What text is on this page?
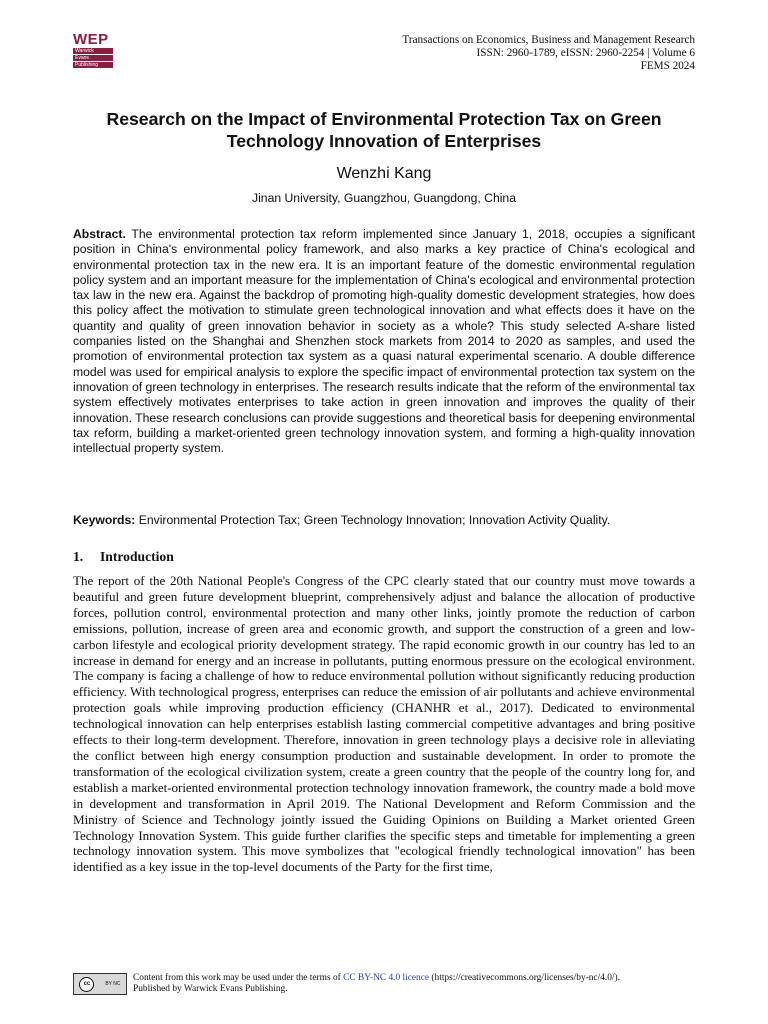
WEP
Warwick
Evans
Publishing
Transactions on Economics, Business and Management Research
ISSN: 2960-1789, eISSN: 2960-2254 | Volume 6
FEMS 2024
Research on the Impact of Environmental Protection Tax on Green Technology Innovation of Enterprises
Wenzhi Kang
Jinan University, Guangzhou, Guangdong, China

Abstract. The environmental protection tax reform implemented since January 1, 2018, occupies a significant position in China's environmental policy framework, and also marks a key practice of China's ecological and environmental protection tax in the new era. It is an important feature of the domestic environmental regulation policy system and an important measure for the implementation of China's ecological and environmental protection tax law in the new era. Against the backdrop of promoting high-quality domestic development strategies, how does this policy affect the motivation to stimulate green technological innovation and what effects does it have on the quantity and quality of green innovation behavior in society as a whole? This study selected A-share listed companies listed on the Shanghai and Shenzhen stock markets from 2014 to 2020 as samples, and used the promotion of environmental protection tax system as a quasi natural experimental scenario. A double difference model was used for empirical analysis to explore the specific impact of environmental protection tax system on the innovation of green technology in enterprises. The research results indicate that the reform of the environmental tax system effectively motivates enterprises to take action in green innovation and improves the quality of their innovation. These research conclusions can provide suggestions and theoretical basis for deepening environmental tax reform, building a market-oriented green technology innovation system, and forming a high-quality innovation intellectual property system.

Keywords: Environmental Protection Tax; Green Technology Innovation; Innovation Activity Quality.

1. Introduction

The report of the 20th National People's Congress of the CPC clearly stated that our country must move towards a beautiful and green future development blueprint, comprehensively adjust and balance the allocation of productive forces, pollution control, environmental protection and many other links, jointly promote the reduction of carbon emissions, pollution, increase of green area and economic growth, and support the construction of a green and low-carbon lifestyle and ecological priority development strategy. The rapid economic growth in our country has led to an increase in demand for energy and an increase in pollutants, putting enormous pressure on the ecological environment. The company is facing a challenge of how to reduce environmental pollution without significantly reducing production efficiency. With technological progress, enterprises can reduce the emission of air pollutants and achieve environmental protection goals while improving production efficiency (CHANHR et al., 2017). Dedicated to environmental technological innovation can help enterprises establish lasting commercial competitive advantages and bring positive effects to their long-term development. Therefore, innovation in green technology plays a decisive role in alleviating the conflict between high energy consumption production and sustainable development. In order to promote the transformation of the ecological civilization system, create a green country that the people of the country long for, and establish a market-oriented environmental protection technology innovation framework, the country made a bold move in development and transformation in April 2019. The National Development and Reform Commission and the Ministry of Science and Technology jointly issued the Guiding Opinions on Building a Market oriented Green Technology Innovation System. This guide further clarifies the specific steps and timetable for implementing a green technology innovation system. This move symbolizes that "ecological friendly technological innovation" has been identified as a key issue in the top-level documents of the Party for the first time,

cc	BY NC
Content from this work may be used under the terms of CC BY-NC 4.0 licence (https://creativecommons.org/licenses/by-nc/4.0/).
Published by Warwick Evans Publishing.
